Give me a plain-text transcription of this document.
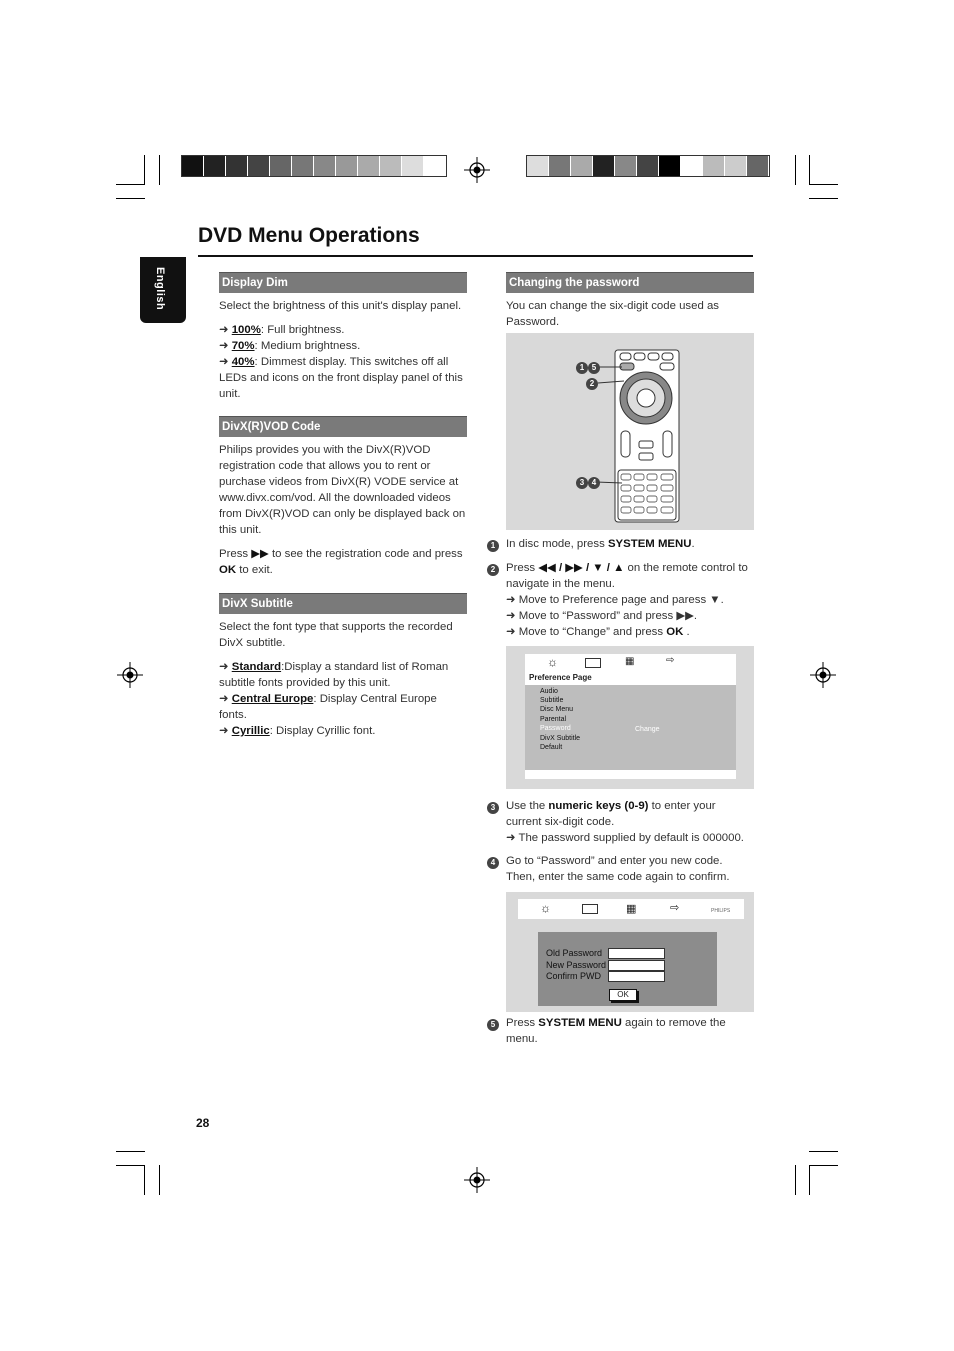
DVD Menu Operations
English	Display Dim
Select the brightness of this unit's display panel.
➜ 100%: Full brightness.
➜ 70%: Medium brightness.
➜ 40%: Dimmest display. This switches off all LEDs and icons on the front display panel of this unit.
DivX(R)VOD Code
Philips provides you with the DivX(R)VOD registration code that allows you to rent or purchase videos from DivX(R) VODE service at www.divx.com/vod. All the downloaded videos from DivX(R)VOD can only be displayed back on this unit.
Press ▶▶ to see the registration code and press OK to exit.
DivX Subtitle
Select the font type that supports the recorded DivX subtitle.
➜ Standard:Display a standard list of Roman subtitle fonts provided by this unit.
➜ Central Europe: Display Central Europe fonts.
➜ Cyrillic: Display Cyrillic font.
Changing the password
You can change the six-digit code used as Password.
1 5
2
3 4
1 In disc mode, press SYSTEM MENU.
2 Press ◀◀ / ▶▶ / ▼ / ▲ on the remote control to navigate in the menu.
➜ Move to Preference page and paress ▼.
➜ Move to “Password” and press ▶▶.
➜ Move to “Change” and press OK .
☼	▦	⇨
Preference Page
Audio
Subtitle
Disc Menu
Parental
Password
DivX Subtitle
Default
Change
3 Use the numeric keys (0-9) to enter your current six-digit code.
➜ The password supplied by default is 000000.
4 Go to “Password” and enter you new code. Then, enter the same code again to confirm.
☼	▦	⇨	PHILIPS
Old Password
New Password
Confirm PWD
OK
5 Press SYSTEM MENU again to remove the menu.
28
